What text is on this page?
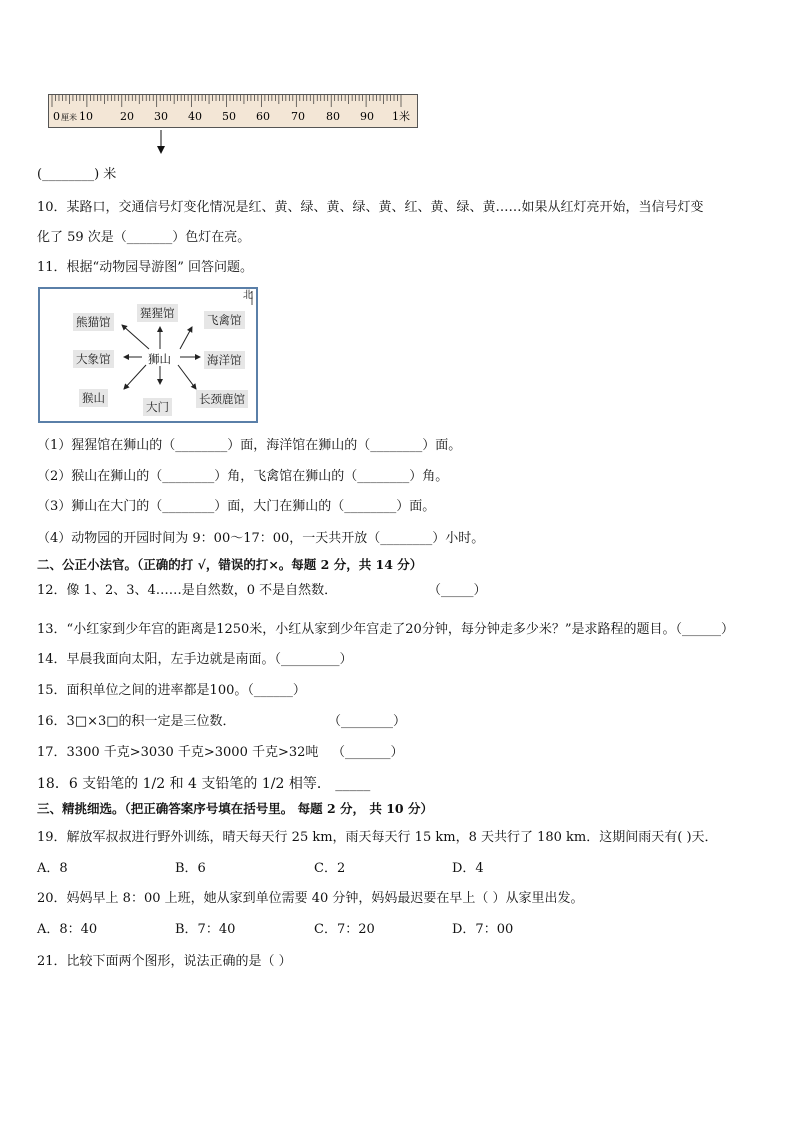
0 厘米 10 20 30 40 50 60 70 80 90 1米
(________) 米
10．某路口，交通信号灯变化情况是红、黄、绿、黄、绿、黄、红、黄、绿、黄……如果从红灯亮开始，当信号灯变
化了 59 次是（_______）色灯在亮。
11．根据“动物园导游图” 回答问题。
北
猩猩馆
熊猫馆	飞禽馆
大象馆	狮山	海洋馆
猴山
大门
长颈鹿馆
（1）猩猩馆在狮山的（________）面，海洋馆在狮山的（________）面。
（2）猴山在狮山的（________）角，飞禽馆在狮山的（________）角。
（3）狮山在大门的（________）面，大门在狮山的（________）面。
（4）动物园的开园时间为 9：00～17：00，一天共开放（________）小时。
二、公正小法官。（正确的打 √，错误的打×。每题 2 分，共 14 分）
12．像 1、2、3、4……是自然数，0 不是自然数．	（_____）
13．“小红家到少年宫的距离是1250米，小红从家到少年宫走了20分钟，每分钟走多少米？”是求路程的题目。（______）
14．早晨我面向太阳，左手边就是南面。（_________）
15．面积单位之间的进率都是100。（______）
16．3□×3□的积一定是三位数．	（________）
17．3300 千克>3030 千克>3000 千克>32吨 （_______）
18．6 支铅笔的 1/2 和 4 支铅笔的 1/2 相等． _____
三、精挑细选。（把正确答案序号填在括号里。 每题 2 分， 共 10 分）
19．解放军叔叔进行野外训练，晴天每天行 25 km，雨天每天行 15 km，8 天共行了 180 km．这期间雨天有( )天．
A．8	B．6	C．2	D．4
20．妈妈早上 8：00 上班，她从家到单位需要 40 分钟，妈妈最迟要在早上（ ）从家里出发。
A．8：40	B．7：40	C．7：20	D．7：00
21．比较下面两个图形，说法正确的是（ ）
